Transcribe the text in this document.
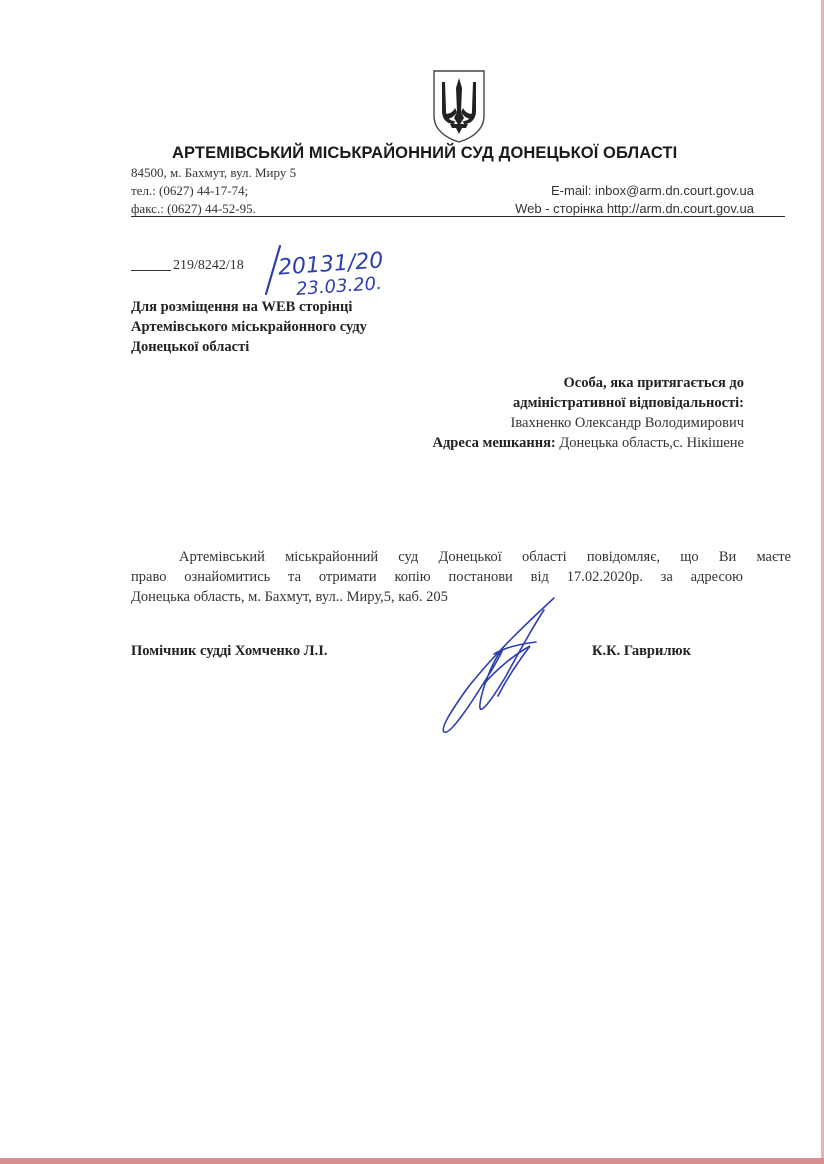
АРТЕМІВСЬКИЙ МІСЬКРАЙОННИЙ СУД ДОНЕЦЬКОЇ ОБЛАСТІ
84500, м. Бахмут, вул. Миру 5
тел.: (0627) 44-17-74;
факс.: (0627) 44-52-95.
E-mail: inbox@arm.dn.court.gov.ua
Web - сторінка http://arm.dn.court.gov.ua
219/8242/18 20131/20
23.03.20.
Для розміщення на WEB сторінці
Артемівського міськрайонного суду
Донецької області
Особа, яка притягається до
адміністративної відповідальності:
Івахненко Олександр Володимирович
Адреса мешкання: Донецька область,с. Нікішене
Артемівський міськрайонний суд Донецької області повідомляє, що Ви маєте
право ознайомитись та отримати копію постанови від 17.02.2020р. за адресою
Донецька область, м. Бахмут, вул.. Миру,5, каб. 205
Помічник судді Хомченко Л.І.	К.К. Гаврилюк
